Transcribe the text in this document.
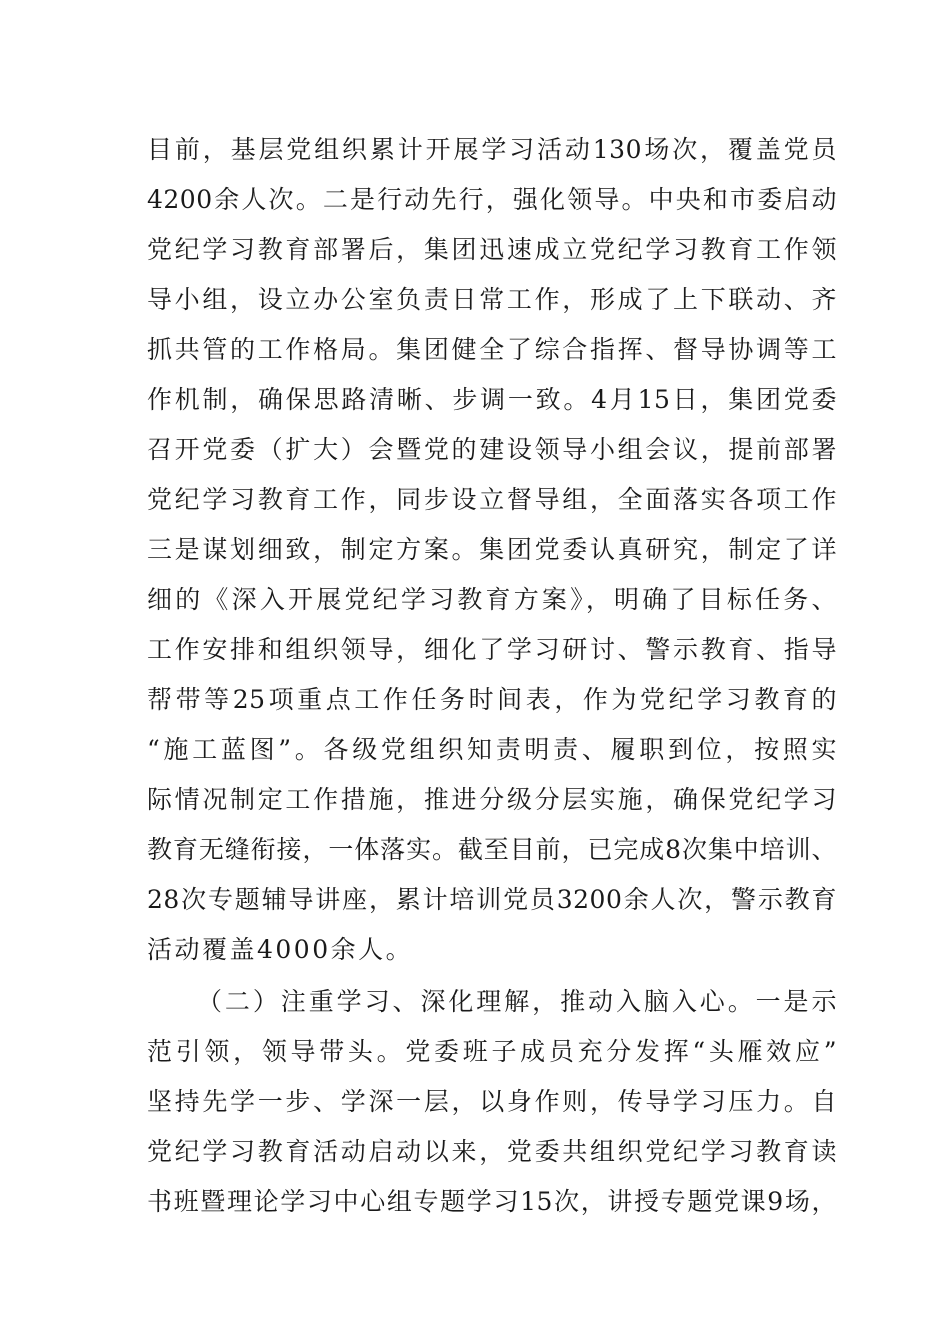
目前，基层党组织累计开展学习活动130场次，覆盖党员
4200余人次。二是行动先行，强化领导。中央和市委启动
党纪学习教育部署后，集团迅速成立党纪学习教育工作领
导小组，设立办公室负责日常工作，形成了上下联动、齐
抓共管的工作格局。集团健全了综合指挥、督导协调等工
作机制，确保思路清晰、步调一致。4月15日，集团党委
召开党委（扩大）会暨党的建设领导小组会议，提前部署
党纪学习教育工作，同步设立督导组，全面落实各项工作
三是谋划细致，制定方案。集团党委认真研究，制定了详
细的《深入开展党纪学习教育方案》，明确了目标任务、
工作安排和组织领导，细化了学习研讨、警示教育、指导
帮带等25项重点工作任务时间表，作为党纪学习教育的
“施工蓝图”。各级党组织知责明责、履职到位，按照实
际情况制定工作措施，推进分级分层实施，确保党纪学习
教育无缝衔接，一体落实。截至目前，已完成8次集中培训、
28次专题辅导讲座，累计培训党员3200余人次，警示教育
活动覆盖4000余人。
（二）注重学习、深化理解，推动入脑入心。一是示
范引领，领导带头。党委班子成员充分发挥“头雁效应”
坚持先学一步、学深一层，以身作则，传导学习压力。自
党纪学习教育活动启动以来，党委共组织党纪学习教育读
书班暨理论学习中心组专题学习15次，讲授专题党课9场，
